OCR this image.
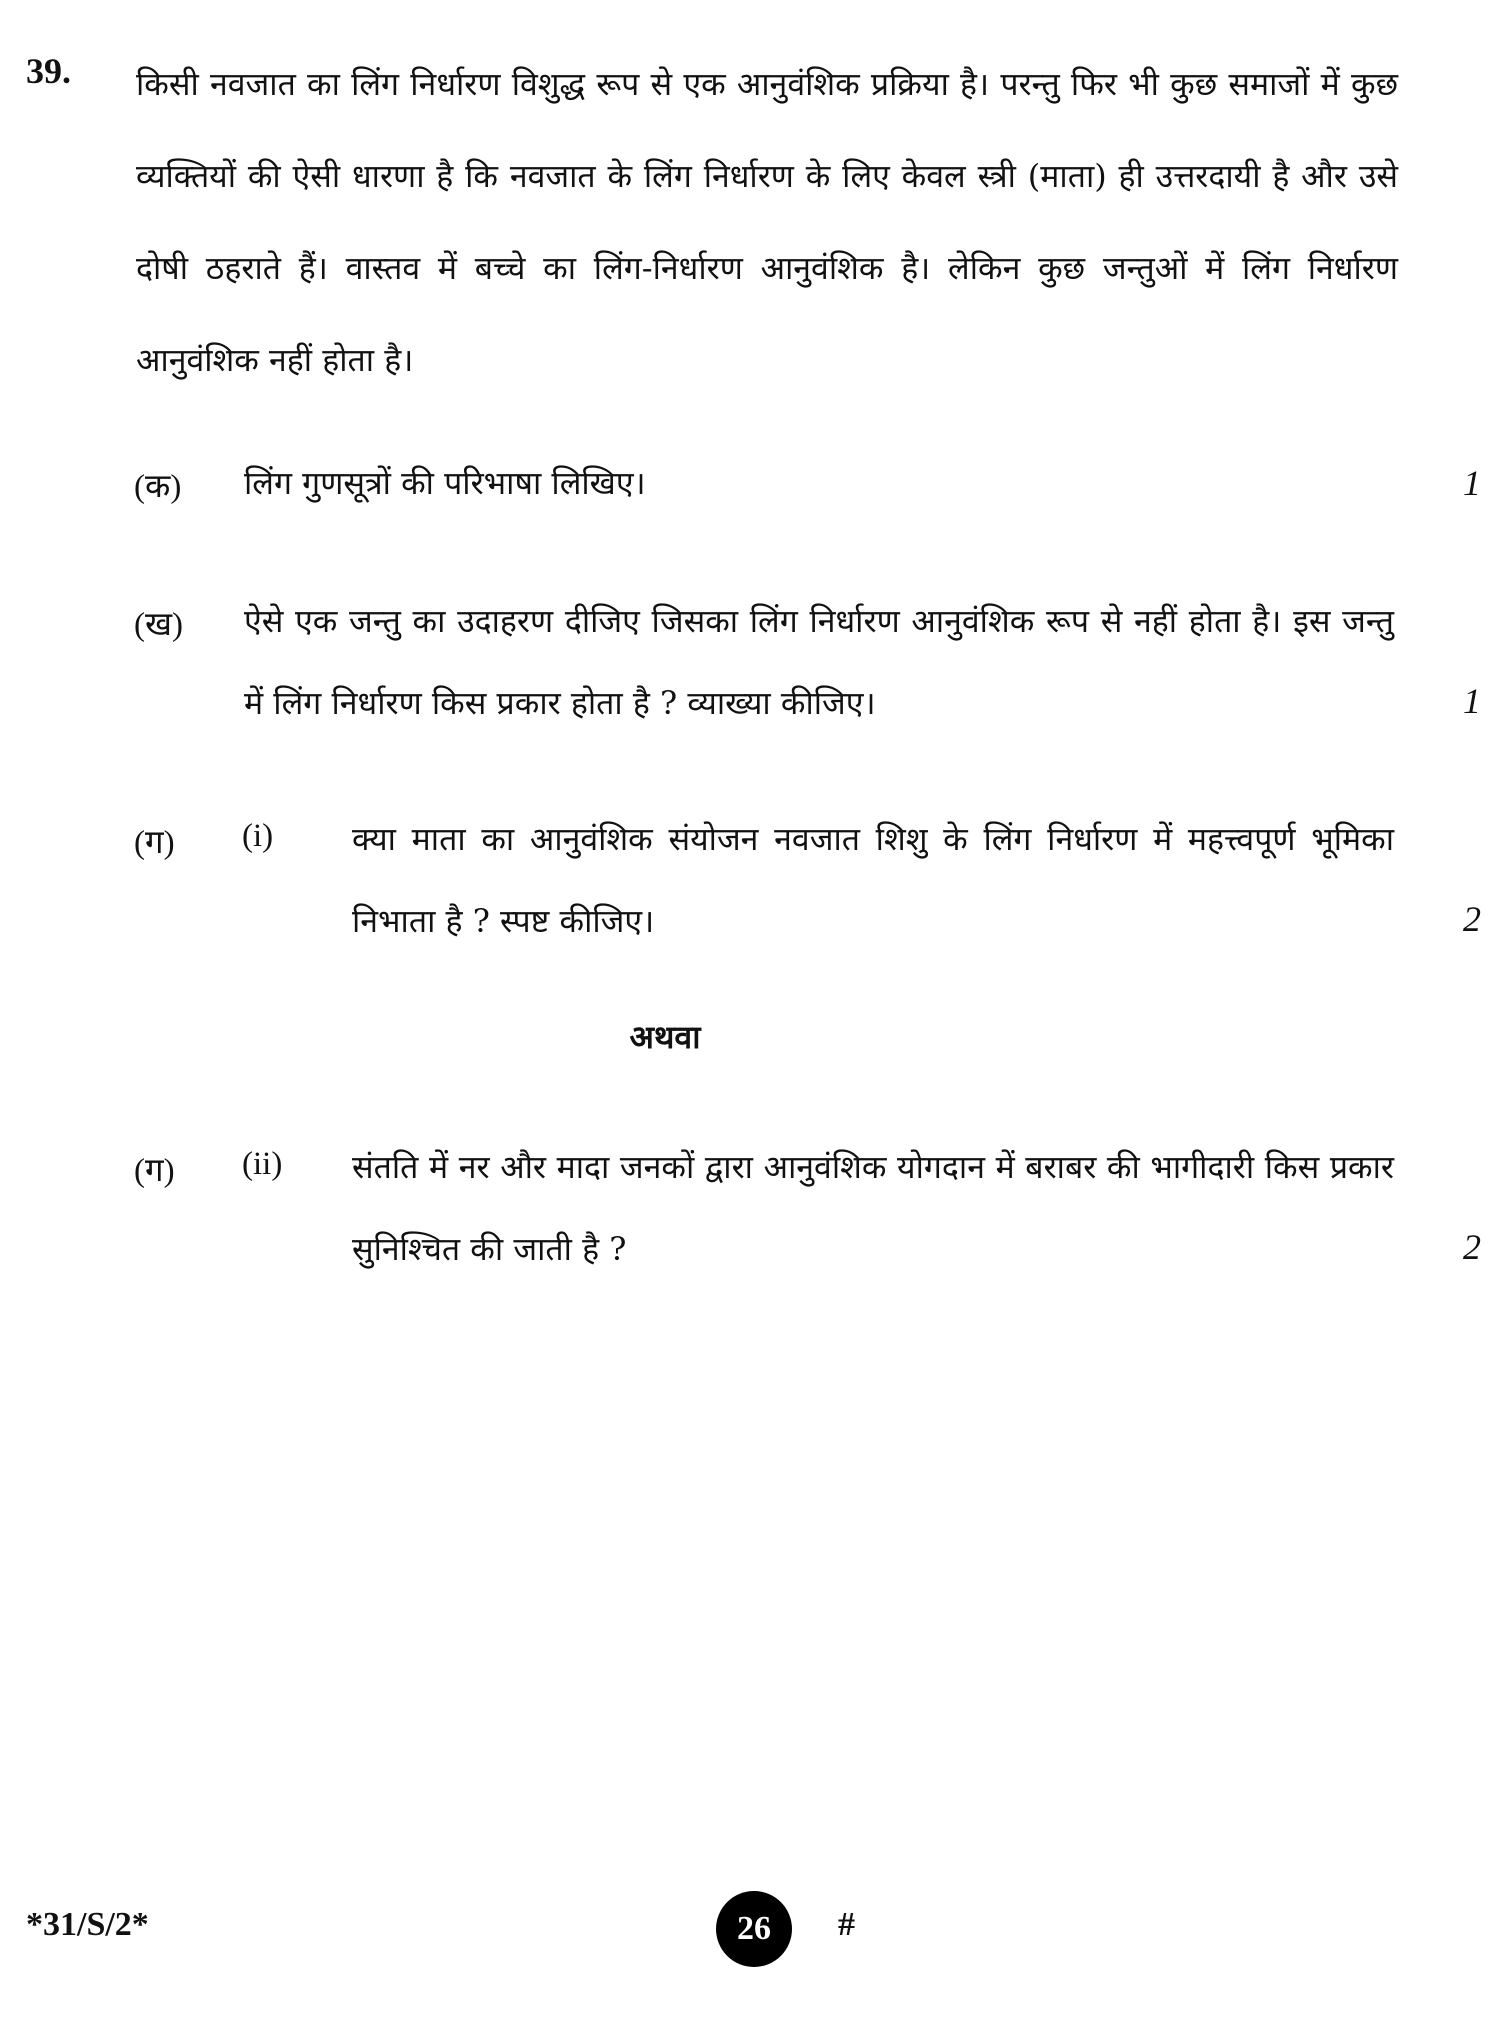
39. किसी नवजात का लिंग निर्धारण विशुद्ध रूप से एक आनुवंशिक प्रक्रिया है। परन्तु फिर भी कुछ समाजों में कुछ व्यक्तियों की ऐसी धारणा है कि नवजात के लिंग निर्धारण के लिए केवल स्त्री (माता) ही उत्तरदायी है और उसे दोषी ठहराते हैं। वास्तव में बच्चे का लिंग-निर्धारण आनुवंशिक है। लेकिन कुछ जन्तुओं में लिंग निर्धारण आनुवंशिक नहीं होता है।
(क) लिंग गुणसूत्रों की परिभाषा लिखिए।	1
(ख) ऐसे एक जन्तु का उदाहरण दीजिए जिसका लिंग निर्धारण आनुवंशिक रूप से नहीं होता है। इस जन्तु में लिंग निर्धारण किस प्रकार होता है ? व्याख्या कीजिए।	1
(ग) (i) क्या माता का आनुवंशिक संयोजन नवजात शिशु के लिंग निर्धारण में महत्त्वपूर्ण भूमिका निभाता है ? स्पष्ट कीजिए।	2
अथवा
(ग) (ii) संतति में नर और मादा जनकों द्वारा आनुवंशिक योगदान में बराबर की भागीदारी किस प्रकार सुनिश्चित की जाती है ?	2
*31/S/2*	26	#
